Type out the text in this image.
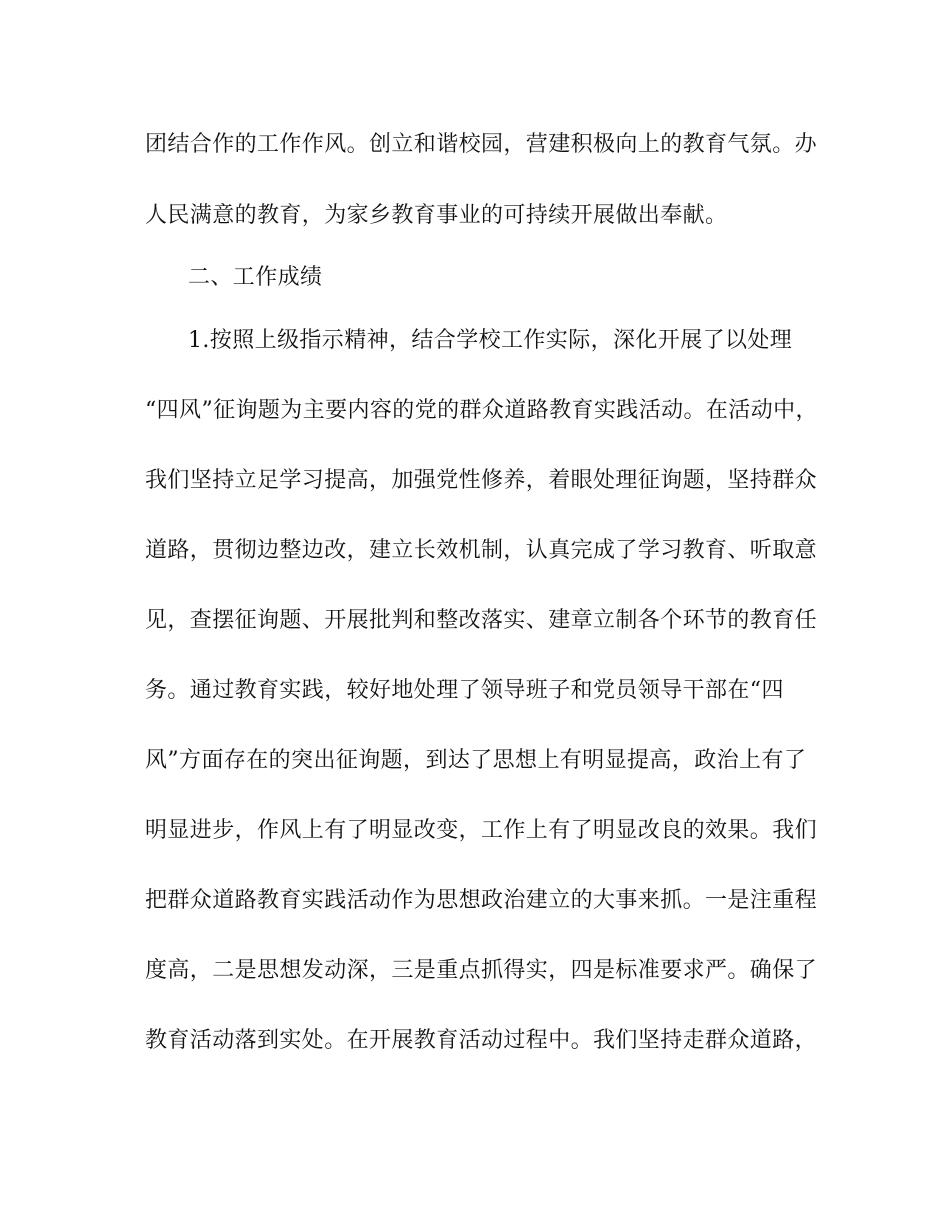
团结合作的工作作风。创立和谐校园，营建积极向上的教育气氛。办
人民满意的教育，为家乡教育事业的可持续开展做出奉献。
二、工作成绩
1.按照上级指示精神，结合学校工作实际，深化开展了以处理
“四风”征询题为主要内容的党的群众道路教育实践活动。在活动中，
我们坚持立足学习提高，加强党性修养，着眼处理征询题，坚持群众
道路，贯彻边整边改，建立长效机制，认真完成了学习教育、听取意
见，查摆征询题、开展批判和整改落实、建章立制各个环节的教育任
务。通过教育实践，较好地处理了领导班子和党员领导干部在“四
风”方面存在的突出征询题，到达了思想上有明显提高，政治上有了
明显进步，作风上有了明显改变，工作上有了明显改良的效果。我们
把群众道路教育实践活动作为思想政治建立的大事来抓。一是注重程
度高，二是思想发动深，三是重点抓得实，四是标准要求严。确保了
教育活动落到实处。在开展教育活动过程中。我们坚持走群众道路，
